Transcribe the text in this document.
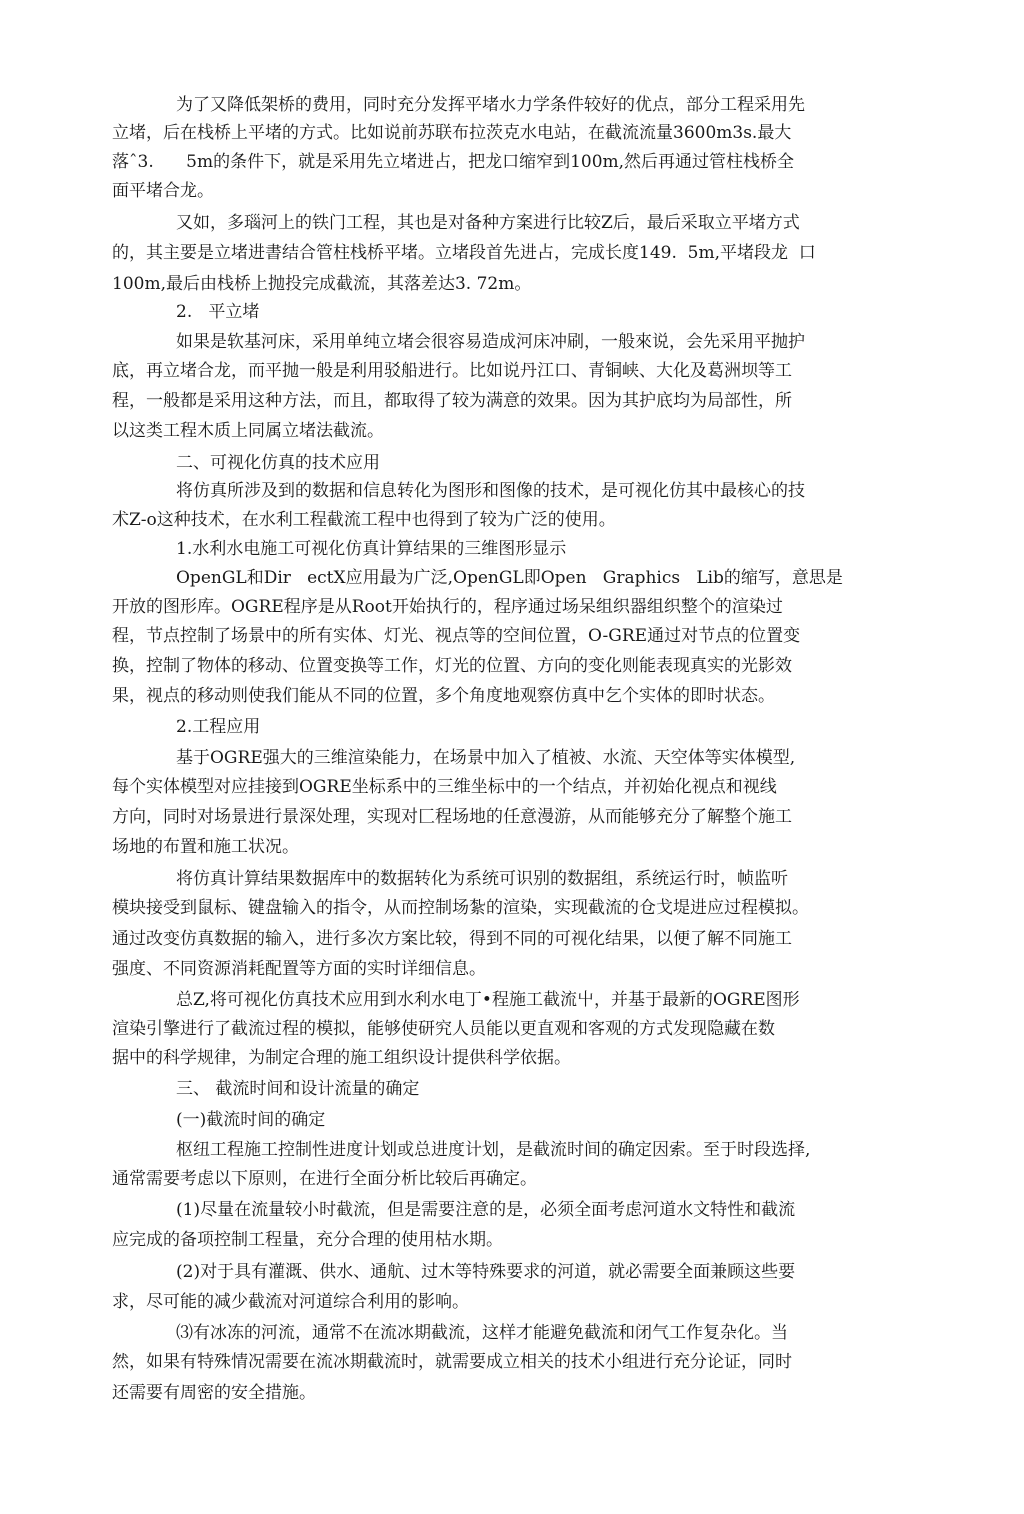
为了又降低架桥的费用，同时充分发挥平堵水力学条件较好的优点，部分工程采用先
立堵，后在栈桥上平堵的方式。比如说前苏联布拉茨克水电站，在截流流量3600m3s.最大
落ˆ3.      5m的条件下，就是采用先立堵进占，把龙口缩窄到100m,然后再通过管柱栈桥全
面平堵合龙。
又如，多瑙河上的铁门工程，其也是对备种方案进行比较Z后，最后采取立平堵方式
的，其主要是立堵进書结合管柱栈桥平堵。立堵段首先进占，完成长度149.  5m,平堵段龙  口
100m,最后由栈桥上抛投完成截流，其落差达3. 72m。
2.   平立堵
如果是软基河床，采用单纯立堵会很容易造成河床冲刷，一般來说，会先采用平抛护
底，再立堵合龙，而平抛一般是利用驳船进行。比如说丹江口、青铜峡、大化及葛洲坝等工
程，一般都是采用这种方法，而且，都取得了较为满意的效果。因为其护底均为局部性，所
以这类工程木质上同属立堵法截流。
二、可视化仿真的技术应用
将仿真所涉及到的数据和信息转化为图形和图像的技术，是可视化仿其中最核心的技
术Z-o这种技术，在水利工程截流工程中也得到了较为广泛的使用。
1.水利水电施工可视化仿真计算结果的三维图形显示
OpenGL和Dir   ectX应用最为广泛,OpenGL即Open   Graphics   Lib的缩写，意思是
开放的图形库。OGRE程序是从Root开始执行的，程序通过场呆组织器组织整个的渲染过
程，节点控制了场景中的所有实体、灯光、视点等的空间位置，O-GRE通过对节点的位置变
换，控制了物体的移动、位置变换等工作，灯光的位置、方向的变化则能表现真实的光影效
果，视点的移动则使我们能从不同的位置，多个角度地观察仿真中乞个实体的即时状态。
2.工程应用
基于OGRE强大的三维渲染能力，在场景中加入了植被、水流、天空体等实体模型,
每个实体模型对应挂接到OGRE坐标系中的三维坐标中的一个结点，并初始化视点和视线
方向，同时对场景进行景深处理，实现对匚程场地的任意漫游，从而能够充分了解整个施工
场地的布置和施工状况。
将仿真计算结果数据库中的数据转化为系统可识别的数据组，系统运行时，帧监听
模块接受到鼠标、键盘输入的指令，从而控制场紮的渲染，实现截流的仓戈堤进应过程模拟。
通过改变仿真数据的输入，进行多次方案比较，得到不同的可视化结果，以便了解不同施工
强度、不同资源消耗配置等方面的实时详细信息。
总Z,将可视化仿真技术应用到水利水电丁•程施工截流屮，并基于最新的OGRE图形
渲染引擎进行了截流过程的模拟，能够使研究人员能以更直观和客观的方式发现隐藏在数
据中的科学规律，为制定合理的施工组织设计提供科学依据。
三、 截流时间和设计流量的确定
(一)截流时间的确定
枢纽工程施工控制性进度计划或总进度计划，是截流时间的确定因索。至于时段选择,
通常需要考虑以下原则，在进行全面分析比较后再确定。
(1)尽量在流量较小时截流，但是需要注意的是，必须全面考虑河道水文特性和截流
应完成的备项控制工程量，充分合理的使用枯水期。
(2)对于具有灌溉、供水、通航、过木等特殊要求的河道，就必需要全面兼顾这些要
求，尽可能的减少截流对河道综合利用的影响。
⑶有冰冻的河流，通常不在流冰期截流，这样才能避免截流和闭气工作复杂化。当
然，如果有特殊情况需要在流冰期截流时，就需要成立相关的技术小组进行充分论证，同时
还需要有周密的安全措施。
